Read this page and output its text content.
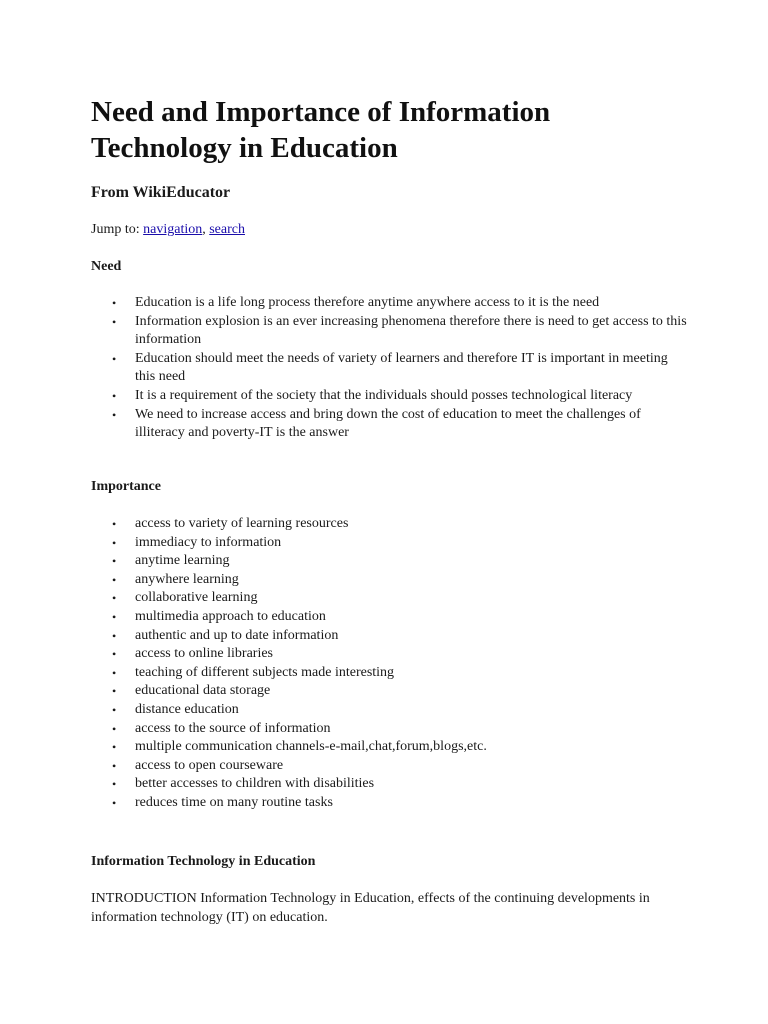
Need and Importance of Information Technology in Education
From WikiEducator
Jump to: navigation, search
Need
• Education is a life long process therefore anytime anywhere access to it is the need
• Information explosion is an ever increasing phenomena therefore there is need to get access to this information
• Education should meet the needs of variety of learners and therefore IT is important in meeting this need
• It is a requirement of the society that the individuals should posses technological literacy
• We need to increase access and bring down the cost of education to meet the challenges of illiteracy and poverty-IT is the answer
Importance
• access to variety of learning resources
• immediacy to information
• anytime learning
• anywhere learning
• collaborative learning
• multimedia approach to education
• authentic and up to date information
• access to online libraries
• teaching of different subjects made interesting
• educational data storage
• distance education
• access to the source of information
• multiple communication channels-e-mail,chat,forum,blogs,etc.
• access to open courseware
• better accesses to children with disabilities
• reduces time on many routine tasks
Information Technology in Education
INTRODUCTION Information Technology in Education, effects of the continuing developments in information technology (IT) on education.
